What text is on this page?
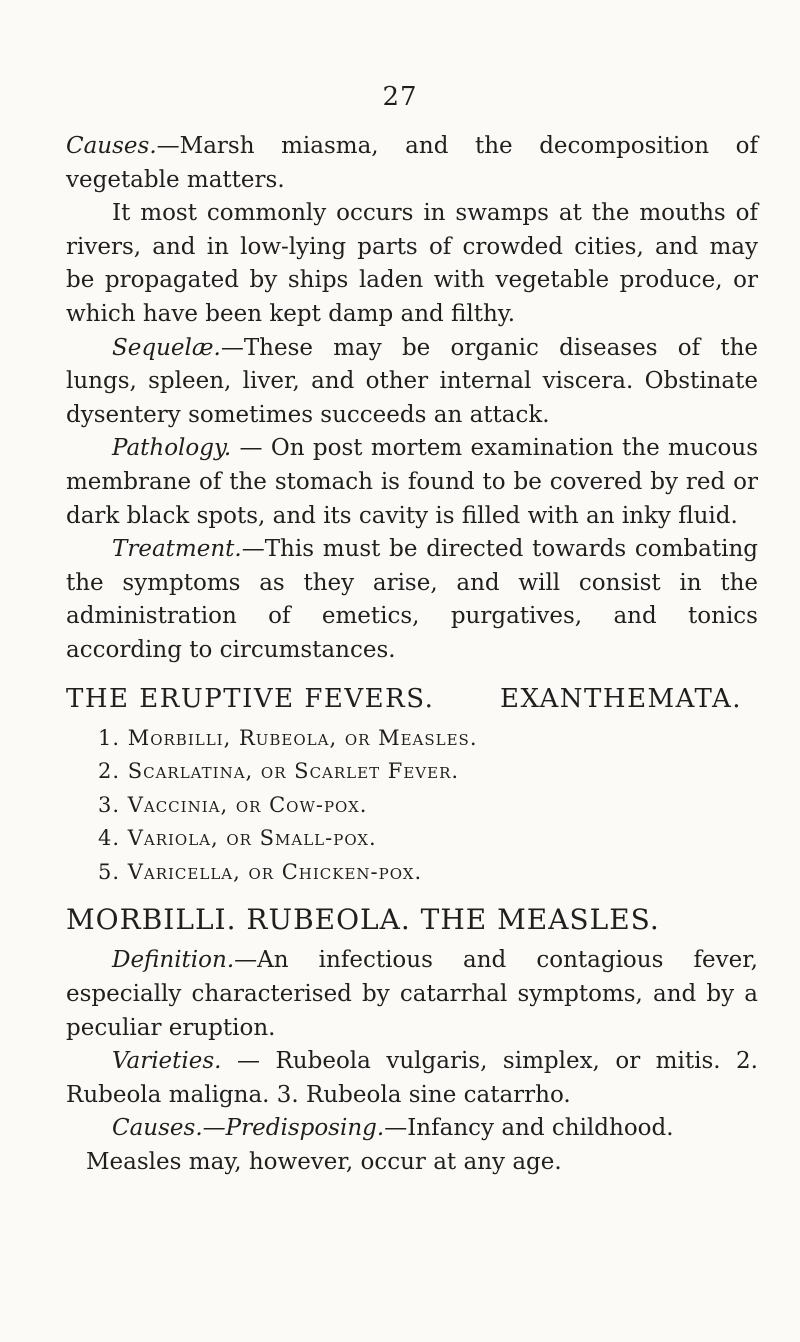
27

Causes.—Marsh miasma, and the decomposition of vegetable matters.

It most commonly occurs in swamps at the mouths of rivers, and in low-lying parts of crowded cities, and may be propagated by ships laden with vegetable produce, or which have been kept damp and filthy.

Sequelæ.—These may be organic diseases of the lungs, spleen, liver, and other internal viscera. Obstinate dysentery sometimes succeeds an attack.

Pathology. — On post mortem examination the mucous membrane of the stomach is found to be covered by red or dark black spots, and its cavity is filled with an inky fluid.

Treatment.—This must be directed towards combating the symptoms as they arise, and will consist in the administration of emetics, purgatives, and tonics according to circumstances.

THE ERUPTIVE FEVERS.	EXANTHEMATA.
1. Morbilli, Rubeola, or Measles.
2. Scarlatina, or Scarlet Fever.
3. Vaccinia, or Cow-pox.
4. Variola, or Small-pox.
5. Varicella, or Chicken-pox.
MORBILLI. RUBEOLA. THE MEASLES.

Definition.—An infectious and contagious fever, especially characterised by catarrhal symptoms, and by a peculiar eruption.

Varieties. — Rubeola vulgaris, simplex, or mitis. 2. Rubeola maligna. 3. Rubeola sine catarrho.

Causes.—Predisposing.—Infancy and childhood.

Measles may, however, occur at any age.
